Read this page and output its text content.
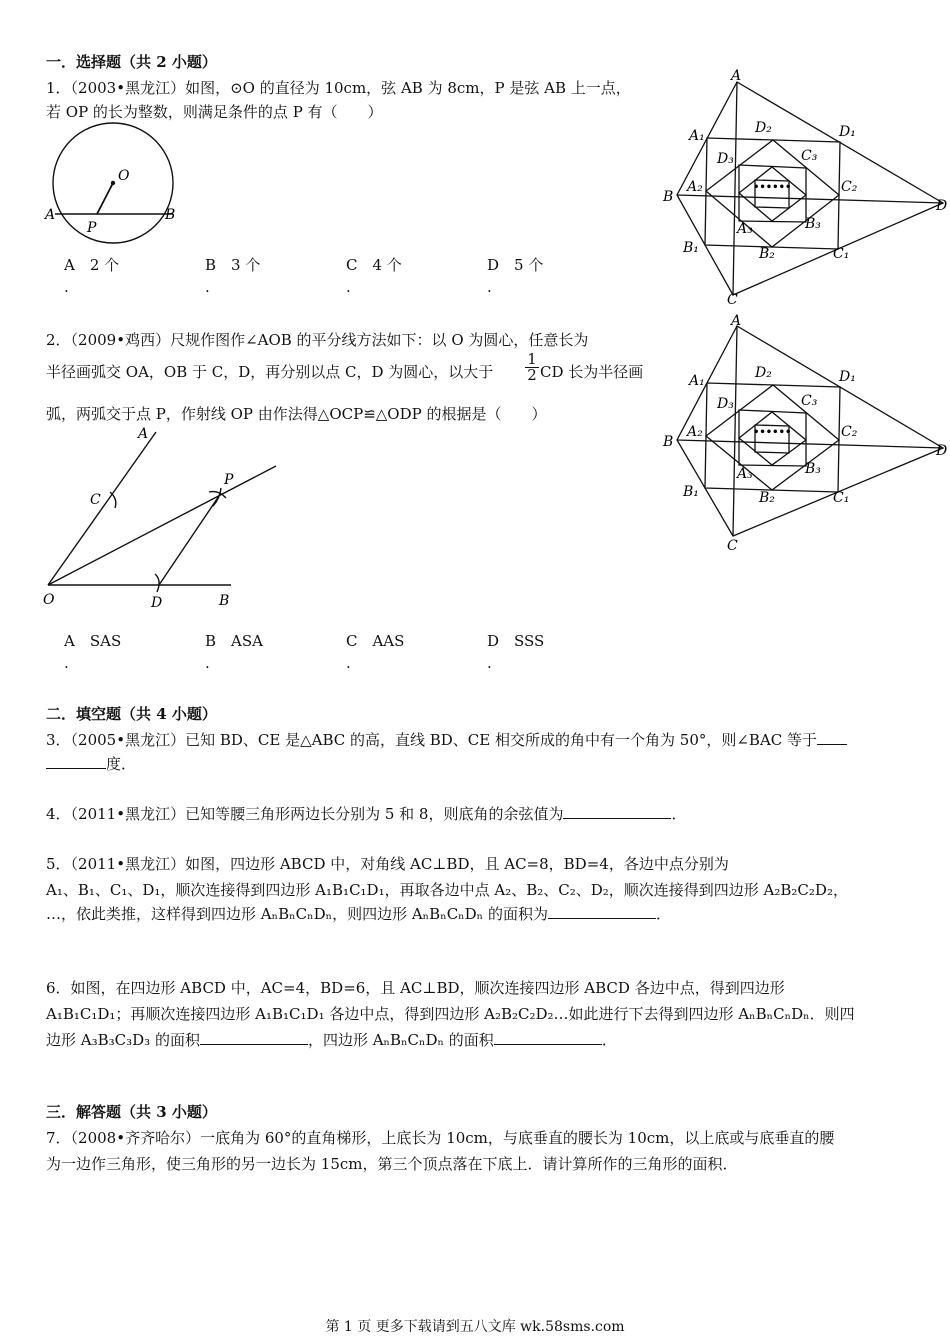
一．选择题（共 2 小题）
1．（2003•黑龙江）如图，⊙O 的直径为 10cm，弦 AB 为 8cm，P 是弦 AB 上一点，
若 OP 的长为整数，则满足条件的点 P 有（　　）
O
A	B
P
A　2 个	B　3 个	C　4 个	D　5 个
.	.	.	.
2．（2009•鸡西）尺规作图作∠AOB 的平分线方法如下：以 O 为圆心，任意长为
半径画弧交 OA，OB 于 C，D，再分别以点 C，D 为圆心，以大于 $\frac{1}{2}$ CD 长为半径画
弧，两弧交于点 P，作射线 OP 由作法得△OCP≌△ODP 的根据是（　　）
A
C
P
O	D	B
A　SAS	B　ASA	C　AAS	D　SSS
.	.	.	.
二．填空题（共 4 小题）
3．（2005•黑龙江）已知 BD、CE 是△ABC 的高，直线 BD、CE 相交所成的角中有一个角为 50°，则∠BAC 等于
度．
4．（2011•黑龙江）已知等腰三角形两边长分别为 5 和 8，则底角的余弦值为	．
5．（2011•黑龙江）如图，四边形 ABCD 中，对角线 AC⊥BD，且 AC=8，BD=4，各边中点分别为
A₁、B₁、C₁、D₁，顺次连接得到四边形 A₁B₁C₁D₁，再取各边中点 A₂、B₂、C₂、D₂，顺次连接得到四边形 A₂B₂C₂D₂，
…，依此类推，这样得到四边形 AₙBₙCₙDₙ，则四边形 AₙBₙCₙDₙ 的面积为	．
6．如图，在四边形 ABCD 中，AC=4，BD=6，且 AC⊥BD，顺次连接四边形 ABCD 各边中点，得到四边形
A₁B₁C₁D₁；再顺次连接四边形 A₁B₁C₁D₁ 各边中点，得到四边形 A₂B₂C₂D₂…如此进行下去得到四边形 AₙBₙCₙDₙ．则四
边形 A₃B₃C₃D₃ 的面积	，四边形 AₙBₙCₙDₙ 的面积	．
三．解答题（共 3 小题）
7．（2008•齐齐哈尔）一底角为 60°的直角梯形，上底长为 10cm，与底垂直的腰长为 10cm，以上底或与底垂直的腰
为一边作三角形，使三角形的另一边长为 15cm，第三个顶点落在下底上．请计算所作的三角形的面积．
A
A₁
A₂
A₃
B
B₁	B₂
B₃
C
C₁
C₂
C₃
D
D₁
D₂
D₃
••••••
A
A₁
A₂
A₃
B
B₁	B₂
B₃
C
C₁
C₂
C₃
D
D₁
D₂
D₃
••••••
第 1 页 更多下载请到五八文库 wk.58sms.com
